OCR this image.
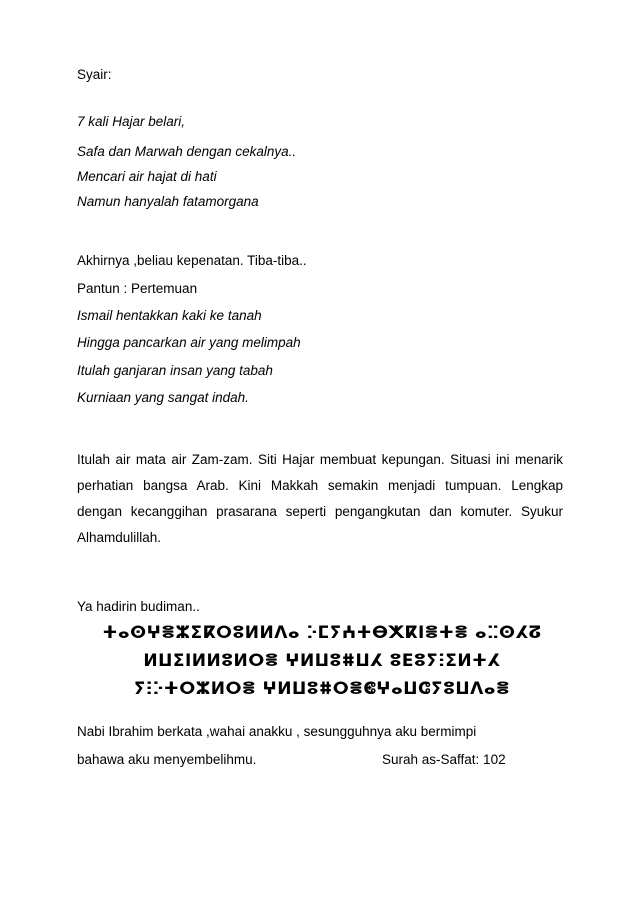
Syair:
7 kali Hajar belari,
Safa dan Marwah dengan cekalnya..
Mencari air hajat di hati
Namun hanyalah fatamorgana
Akhirnya ,beliau kepenatan. Tiba-tiba..
Pantun : Pertemuan
Ismail hentakkan kaki ke tanah
Hingga pancarkan air yang melimpah
Itulah ganjaran insan yang tabah
Kurniaan yang sangat indah.

Itulah air mata air Zam-zam. Siti Hajar membuat kepungan. Situasi ini menarik perhatian bangsa Arab. Kini Makkah semakin menjadi tumpuan. Lengkap dengan kecanggihan prasarana seperti pengangkutan dan komuter. Syukur Alhamdulillah.

Ya hadirin budiman..

ⵜⴰⵙⵖⴻⵣⵉⴽⵔⵓⵍⵍⴷⴰ ⴾⵎⵢⵄⵜⴱⵅⴽⵏⴻⵜⴻ ⴰⵆⵙⵃⵒ

ⵍⵡⵉⵏⵍⵍⵓⵍⵔⴻ ⵖⵍⵡⵓⵌⵡⵃ ⵓⴹⵓⵢⵗⵉⵍⵜⵃ

ⵢⵗⴾⵜⵔⵣⵍⵔⴻ ⵖⵍⵡⵓⵌⵔⴻⵞⵖⴰⵡⵛⵢⵓⵡⴷⴰⴻ

Nabi Ibrahim berkata ,wahai anakku , sesungguhnya aku bermimpi
bahawa aku menyembelihmu.	Surah as-Saffat: 102
